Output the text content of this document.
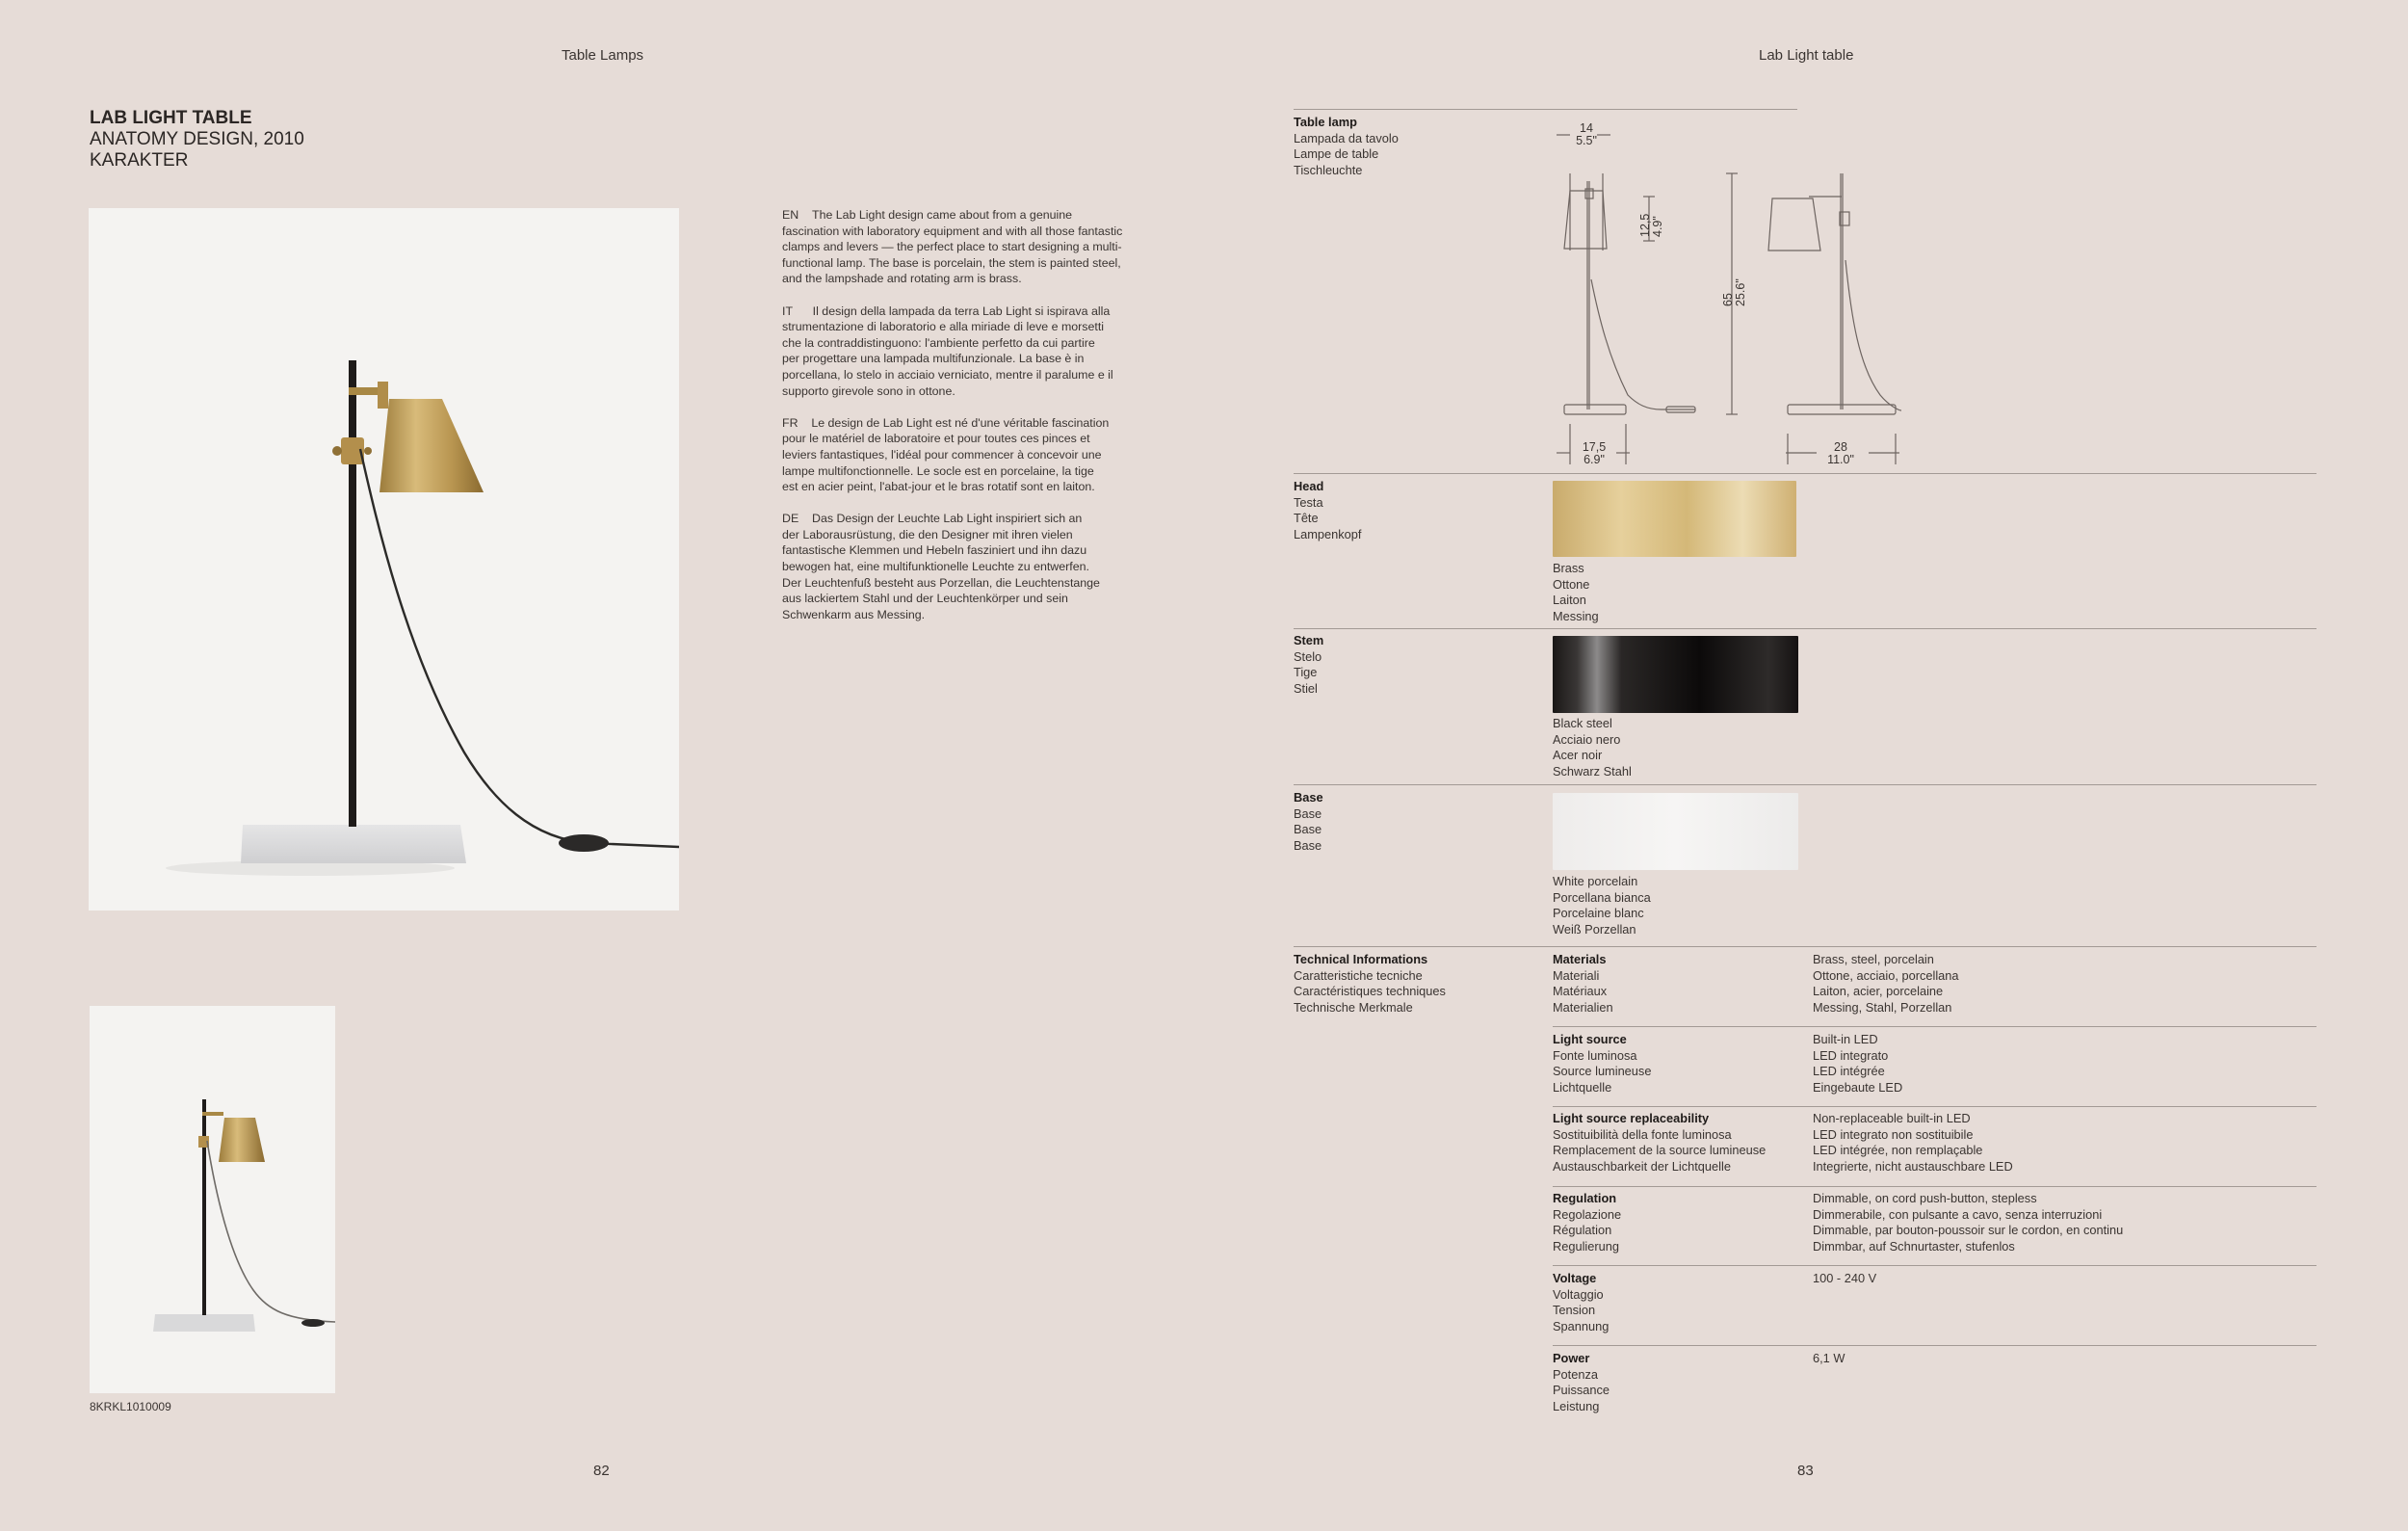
Table Lamps
LAB LIGHT TABLE
ANATOMY DESIGN, 2010
KARAKTER
8KRKL1010009

EN The Lab Light design came about from a genuine
fascination with laboratory equipment and with all those fantastic
clamps and levers — the perfect place to start designing a multi-
functional lamp. The base is porcelain, the stem is painted steel,
and the lampshade and rotating arm is brass.

IT Il design della lampada da terra Lab Light si ispirava alla
strumentazione di laboratorio e alla miriade di leve e morsetti
che la contraddistinguono: l'ambiente perfetto da cui partire
per progettare una lampada multifunzionale. La base è in
porcellana, lo stelo in acciaio verniciato, mentre il paralume e il
supporto girevole sono in ottone.

FR Le design de Lab Light est né d'une véritable fascination
pour le matériel de laboratoire et pour toutes ces pinces et
leviers fantastiques, l'idéal pour commencer à concevoir une
lampe multifonctionnelle. Le socle est en porcelaine, la tige
est en acier peint, l'abat-jour et le bras rotatif sont en laiton.

DE Das Design der Leuchte Lab Light inspiriert sich an
der Laborausrüstung, die den Designer mit ihren vielen
fantastische Klemmen und Hebeln fasziniert und ihn dazu
bewogen hat, eine multifunktionelle Leuchte zu entwerfen.
Der Leuchtenfuß besteht aus Porzellan, die Leuchtenstange
aus lackiertem Stahl und der Leuchtenkörper und sein
Schwenkarm aus Messing.

82
Lab Light table
Table lamp
Lampada da tavolo
Lampe de table
Tischleuchte
14
5.5"
12,5
4.9"
65
25.6"
17,5
6.9"
28
11.0"
Head
Testa
Tête
Lampenkopf
Brass
Ottone
Laiton
Messing
Stem
Stelo
Tige
Stiel
Black steel
Acciaio nero
Acer noir
Schwarz Stahl
Base
Base
Base
Base
White porcelain
Porcellana bianca
Porcelaine blanc
Weiß Porzellan
Technical Informations
Caratteristiche tecniche
Caractéristiques techniques
Technische Merkmale
Materials
Materiali
Matériaux
Materialien
Brass, steel, porcelain
Ottone, acciaio, porcellana
Laiton, acier, porcelaine
Messing, Stahl, Porzellan
Light source
Fonte luminosa
Source lumineuse
Lichtquelle
Built-in LED
LED integrato
LED intégrée
Eingebaute LED
Light source replaceability
Sostituibilità della fonte luminosa
Remplacement de la source lumineuse
Austauschbarkeit der Lichtquelle
Non-replaceable built-in LED
LED integrato non sostituibile
LED intégrée, non remplaçable
Integrierte, nicht austauschbare LED
Regulation
Regolazione
Régulation
Regulierung
Dimmable, on cord push-button, stepless
Dimmerabile, con pulsante a cavo, senza interruzioni
Dimmable, par bouton-poussoir sur le cordon, en continu
Dimmbar, auf Schnurtaster, stufenlos
Voltage
Voltaggio
Tension
Spannung
100 - 240 V
Power
Potenza
Puissance
Leistung
6,1 W
83
